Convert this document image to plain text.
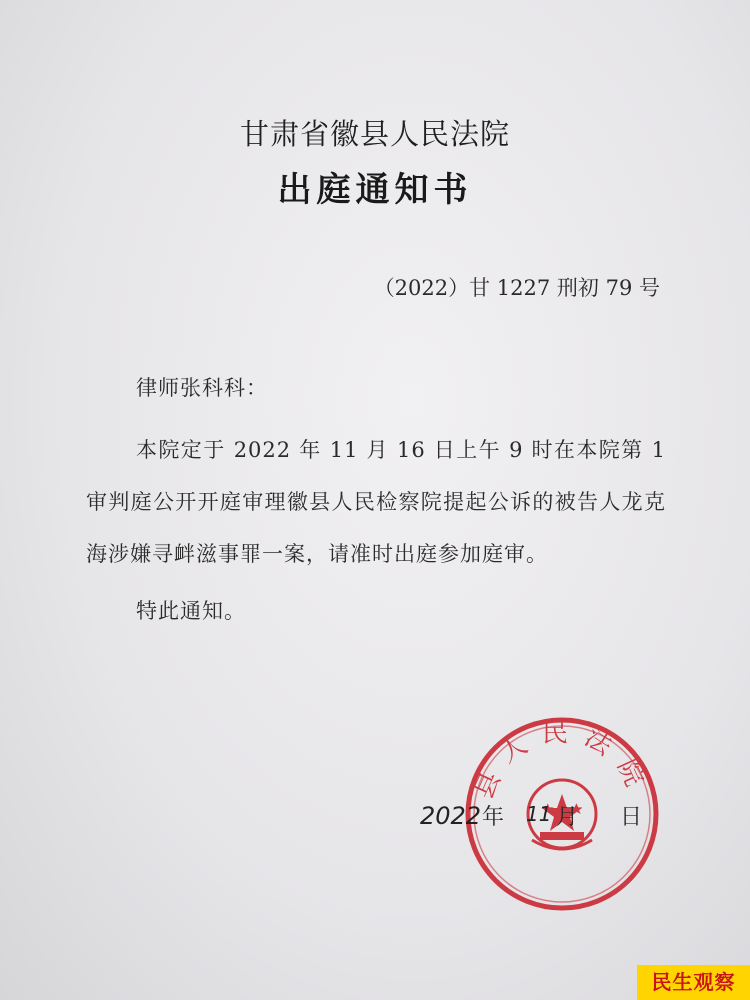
甘肃省徽县人民法院
出庭通知书
（2022）甘 1227 刑初 79 号
律师张科科：
本院定于 2022 年 11 月 16 日上午 9 时在本院第 1 审判庭公开开庭审理徽县人民检察院提起公诉的被告人龙克海涉嫌寻衅滋事罪一案，请准时出庭参加庭审。
特此通知。
县人民法院
2022 年 11 月 日
民生观察
